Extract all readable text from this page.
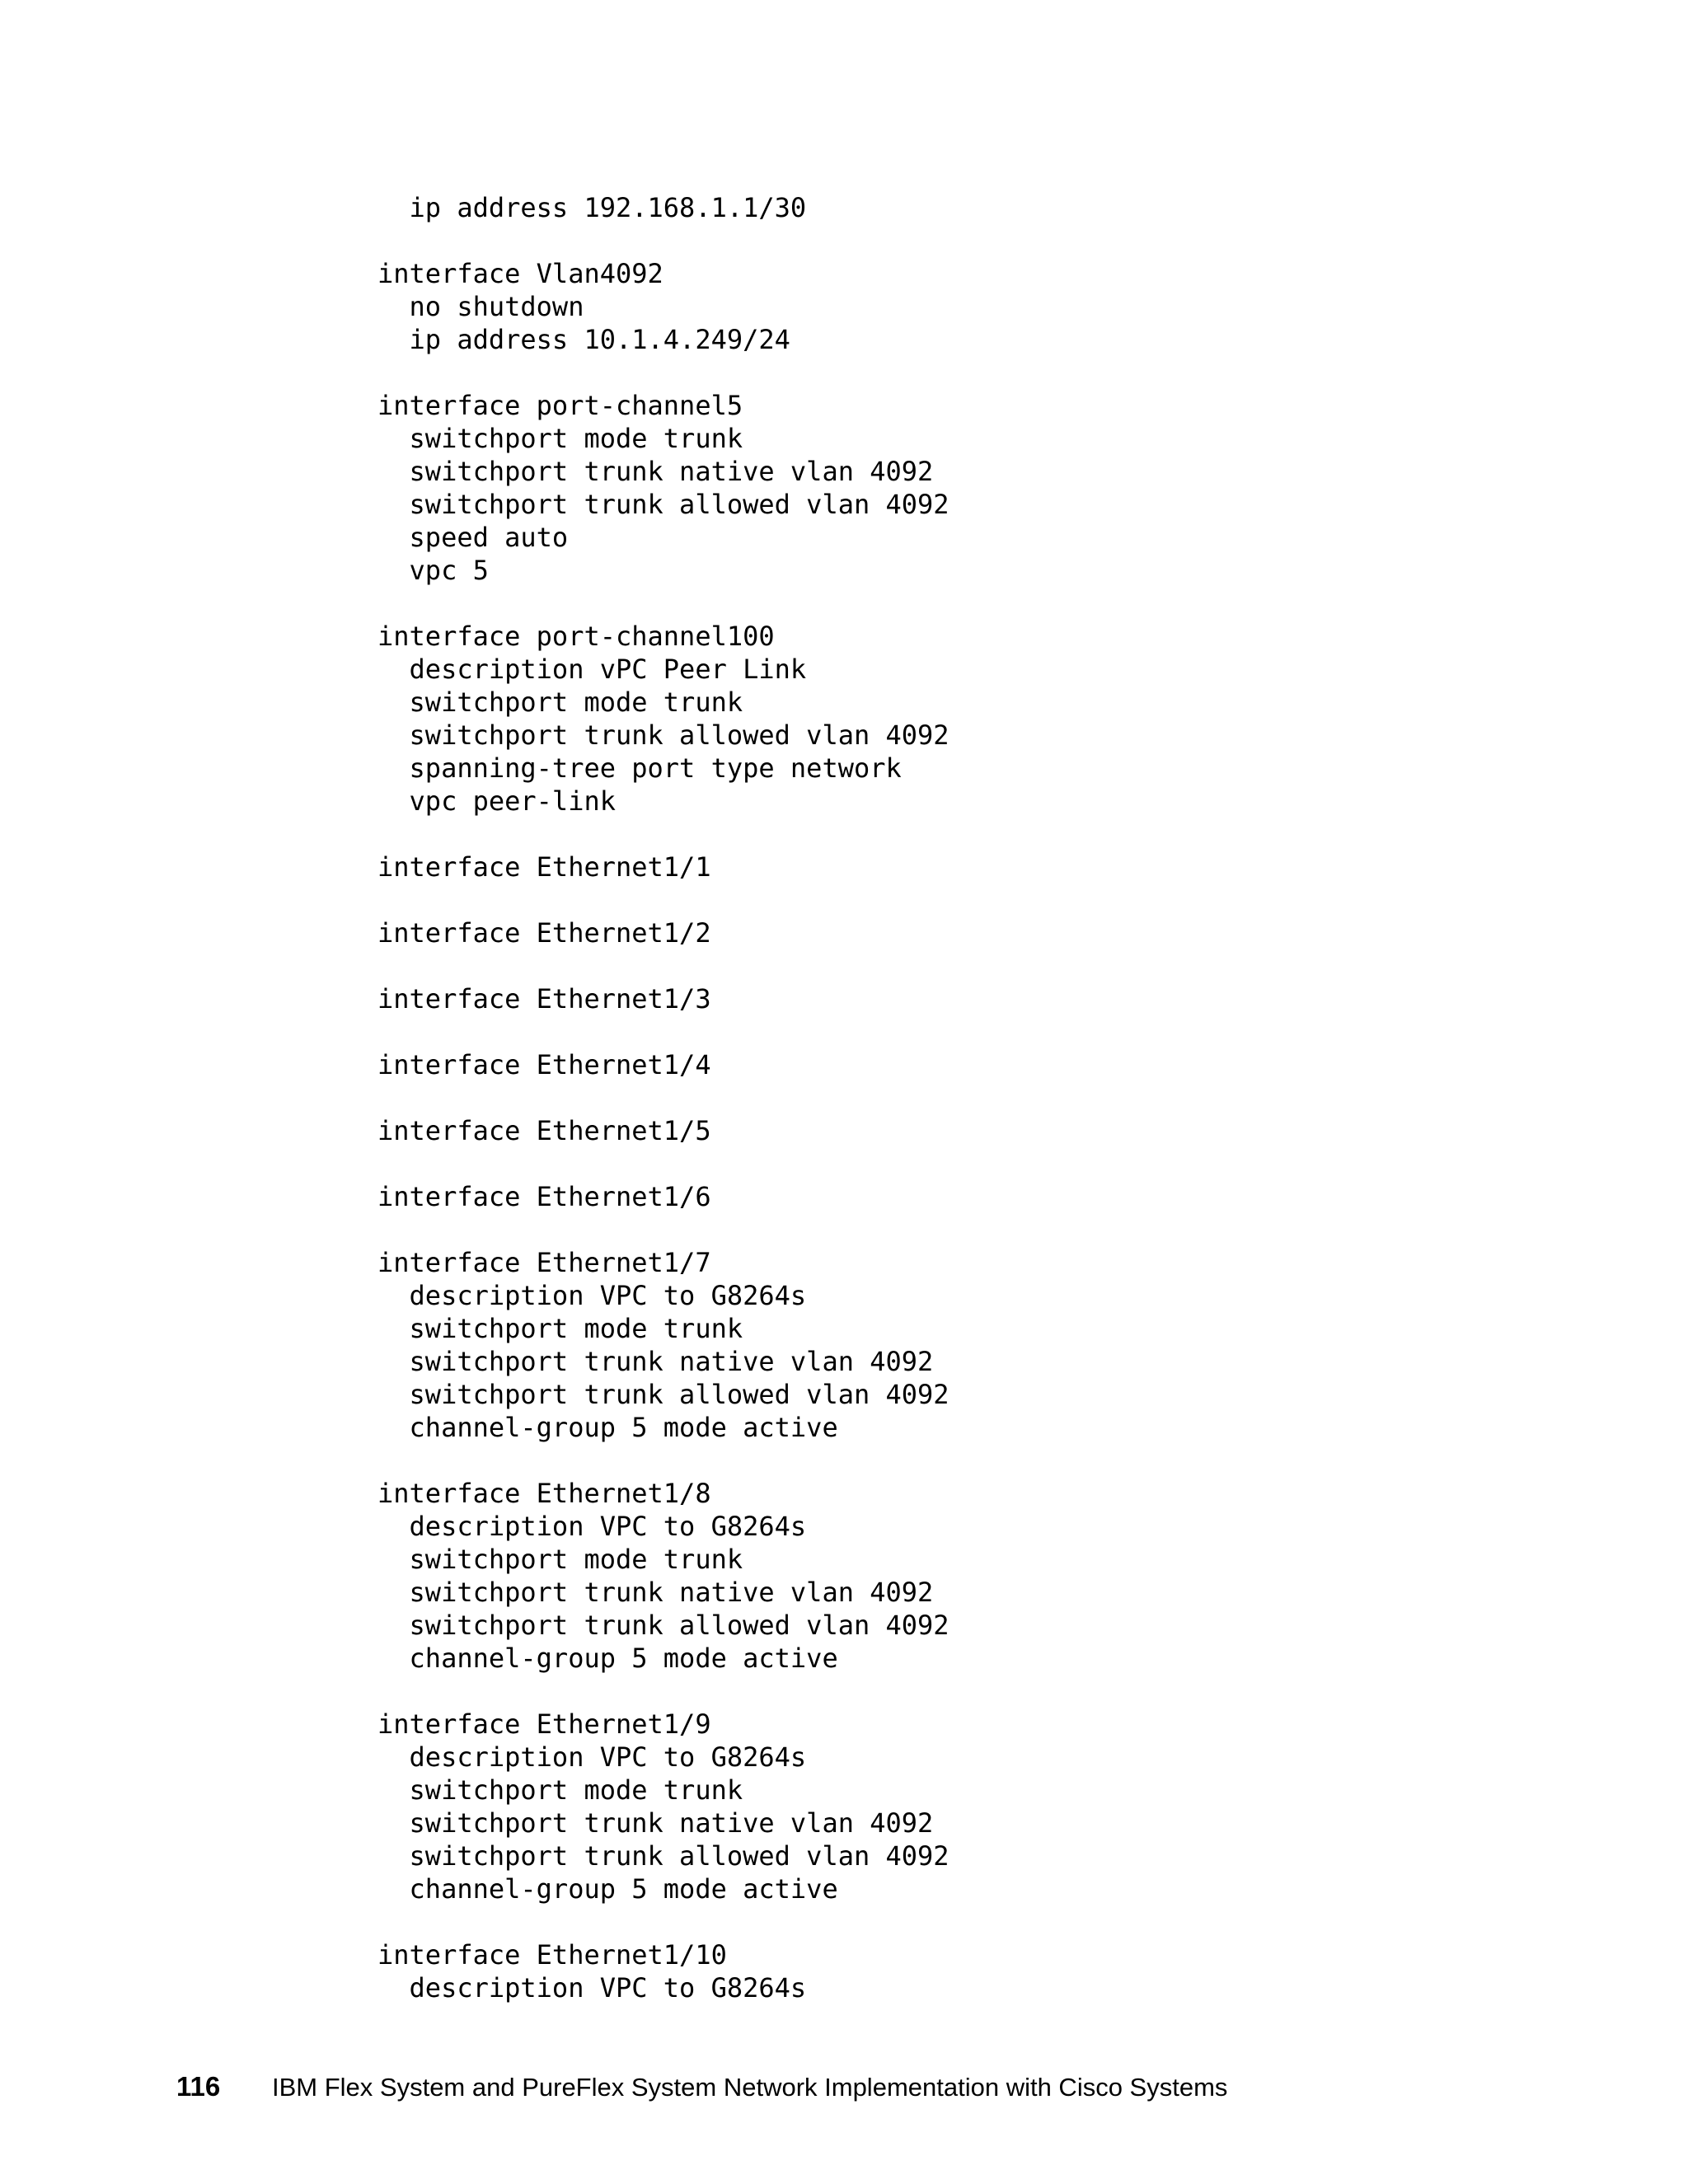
ip address 192.168.1.1/30
interface Vlan4092
no shutdown
ip address 10.1.4.249/24
interface port-channel5
switchport mode trunk
switchport trunk native vlan 4092
switchport trunk allowed vlan 4092
speed auto
vpc 5
interface port-channel100
description vPC Peer Link
switchport mode trunk
switchport trunk allowed vlan 4092
spanning-tree port type network
vpc peer-link
interface Ethernet1/1
interface Ethernet1/2
interface Ethernet1/3
interface Ethernet1/4
interface Ethernet1/5
interface Ethernet1/6
interface Ethernet1/7
description VPC to G8264s
switchport mode trunk
switchport trunk native vlan 4092
switchport trunk allowed vlan 4092
channel-group 5 mode active
interface Ethernet1/8
description VPC to G8264s
switchport mode trunk
switchport trunk native vlan 4092
switchport trunk allowed vlan 4092
channel-group 5 mode active
interface Ethernet1/9
description VPC to G8264s
switchport mode trunk
switchport trunk native vlan 4092
switchport trunk allowed vlan 4092
channel-group 5 mode active
interface Ethernet1/10
description VPC to G8264s
116 IBM Flex System and PureFlex System Network Implementation with Cisco Systems
